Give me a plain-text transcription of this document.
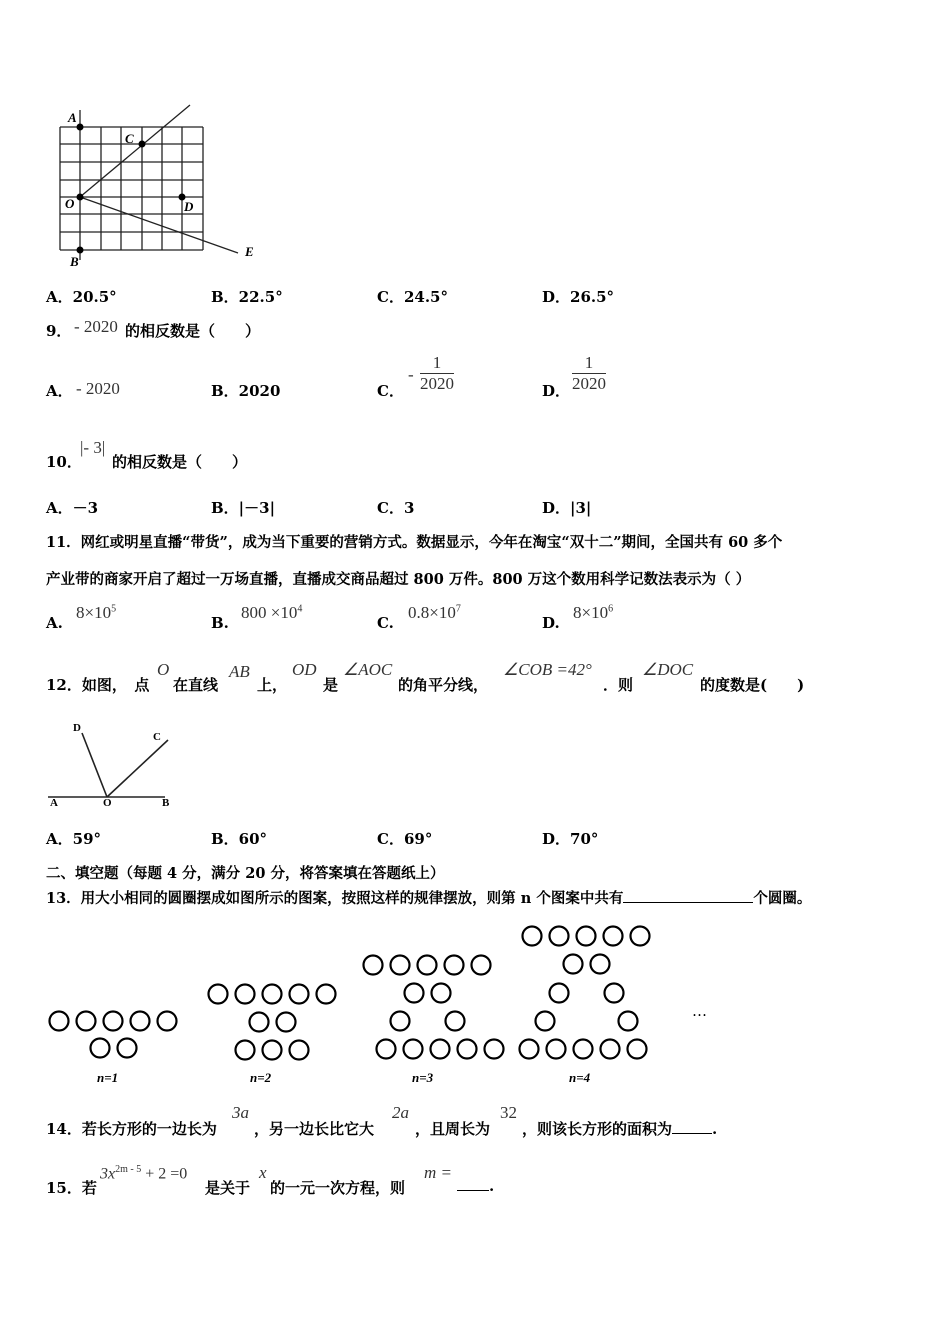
A
C
O	D
B
E
A．20.5°	B．22.5°	C．24.5°	D．26.5°
9． - 2020 的相反数是（　　）
A． - 2020	B．2020	C．
- $\frac{1}{2020}$	D． $\frac{1}{2020}$
10．
|- 3|
的相反数是（　　）
A．－3	B．|－3|	C．3	D．|3|
11．网红或明星直播“带货”，成为当下重要的营销方式。数据显示，今年在淘宝“双十二”期间，全国共有 60 多个
产业带的商家开启了超过一万场直播，直播成交商品超过 800 万件。800 万这个数用科学记数法表示为（ ）
A.
$8\times 10^5$
B.
$800 \times 10^4$
C.
$0.8\times 10^7$
D.
$8\times 10^6$
12．如图，　点
O
在直线
AB
上，
OD
是
∠AOC
的角平分线，
∠COB =42°
．则
∠DOC
的度数是(　　)
D
C
A	O	B
A．59°	B．60°	C．69°	D．70°
二、填空题（每题 4 分，满分 20 分，将答案填在答题纸上）
13．用大小相同的圆圈摆成如图所示的图案，按照这样的规律摆放，则第 n 个图案中共有	个圆圈。
n=1	n=2	n=3	n=4
…
14．若长方形的一边长为
3a
，另一边长比它大
2a
，且周长为
32
，则该长方形的面积为	.
15．若
$3x^{2m - 5} + 2 =0$
是关于
x
的一元一次方程，则
m =
.
